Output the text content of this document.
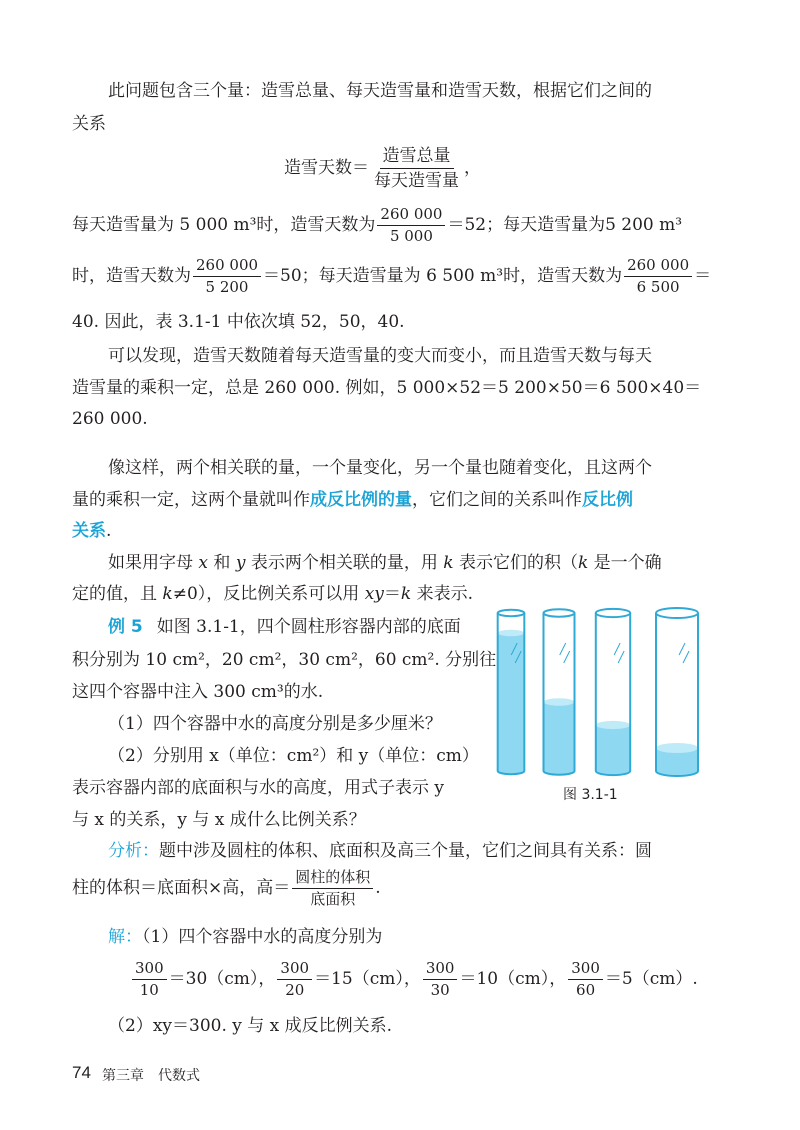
此问题包含三个量：造雪总量、每天造雪量和造雪天数，根据它们之间的
关系
造雪天数＝ $\frac{\text{造雪总量}}{\text{每天造雪量}}$ ，
每天造雪量为 5 000 m³时，造雪天数为 $\frac{260 000}{5 000} =52$；每天造雪量为5 200 m³
时，造雪天数为 $\frac{260 000}{5 200} =50$；每天造雪量为 6 500 m³时，造雪天数为 $\frac{260 000}{6 500}$ ＝
40. 因此，表 3.1-1 中依次填 52，50，40.
可以发现，造雪天数随着每天造雪量的变大而变小，而且造雪天数与每天
造雪量的乘积一定，总是 260 000. 例如，5 000×52＝5 200×50＝6 500×40＝
260 000.
像这样，两个相关联的量，一个量变化，另一个量也随着变化，且这两个
量的乘积一定，这两个量就叫作成反比例的量，它们之间的关系叫作反比例
关系.
如果用字母 x 和 y 表示两个相关联的量，用 k 表示它们的积（k 是一个确
定的值，且 k≠0），反比例关系可以用 xy＝k 来表示.
例 5 如图 3.1-1，四个圆柱形容器内部的底面
积分别为 10 cm²，20 cm²，30 cm²，60 cm². 分别往
这四个容器中注入 300 cm³的水.
（1）四个容器中水的高度分别是多少厘米？
（2）分别用 x（单位：cm²）和 y（单位：cm）
表示容器内部的底面积与水的高度，用式子表示 y
与 x 的关系，y 与 x 成什么比例关系？
图 3.1-1
分析：题中涉及圆柱的体积、底面积及高三个量，它们之间具有关系：圆
柱的体积＝底面积×高，高＝ $\frac{\text{圆柱的体积}}{\text{底面积}}$ .
解：（1）四个容器中水的高度分别为
$\frac{300}{10} =30(cm)$， $\frac{300}{20} =15(cm)$， $\frac{300}{30} =10(cm)$， $\frac{300}{60} =5(cm)$.
（2）xy＝300. y 与 x 成反比例关系.
74 第三章　代数式
